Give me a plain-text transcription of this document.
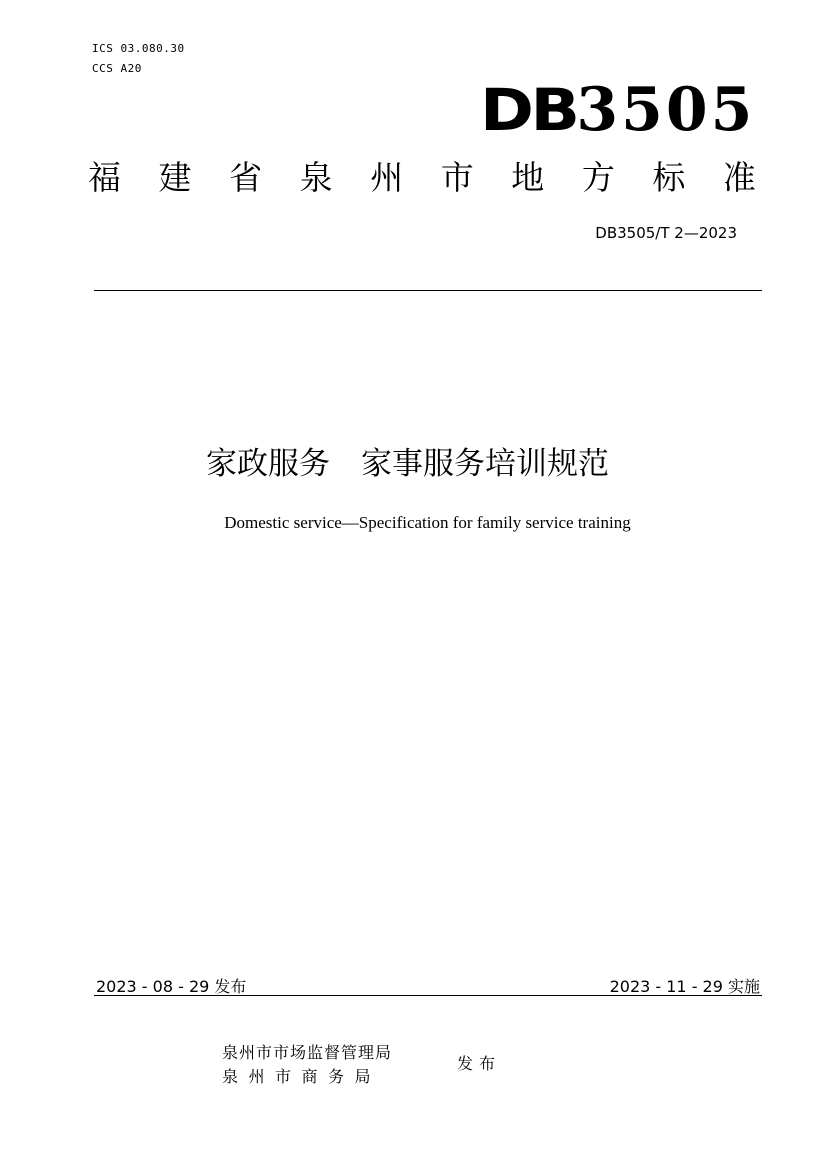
ICS 03.080.30
CCS A20
DB 3505
福 建 省 泉 州 市 地 方 标 准
DB3505/T 2—2023
家政服务　家事服务培训规范
Domestic service—Specification for family service training
2023 - 08 - 29 发布	2023 - 11 - 29 实施
泉州市市场监督管理局
泉州市商务局
发布
